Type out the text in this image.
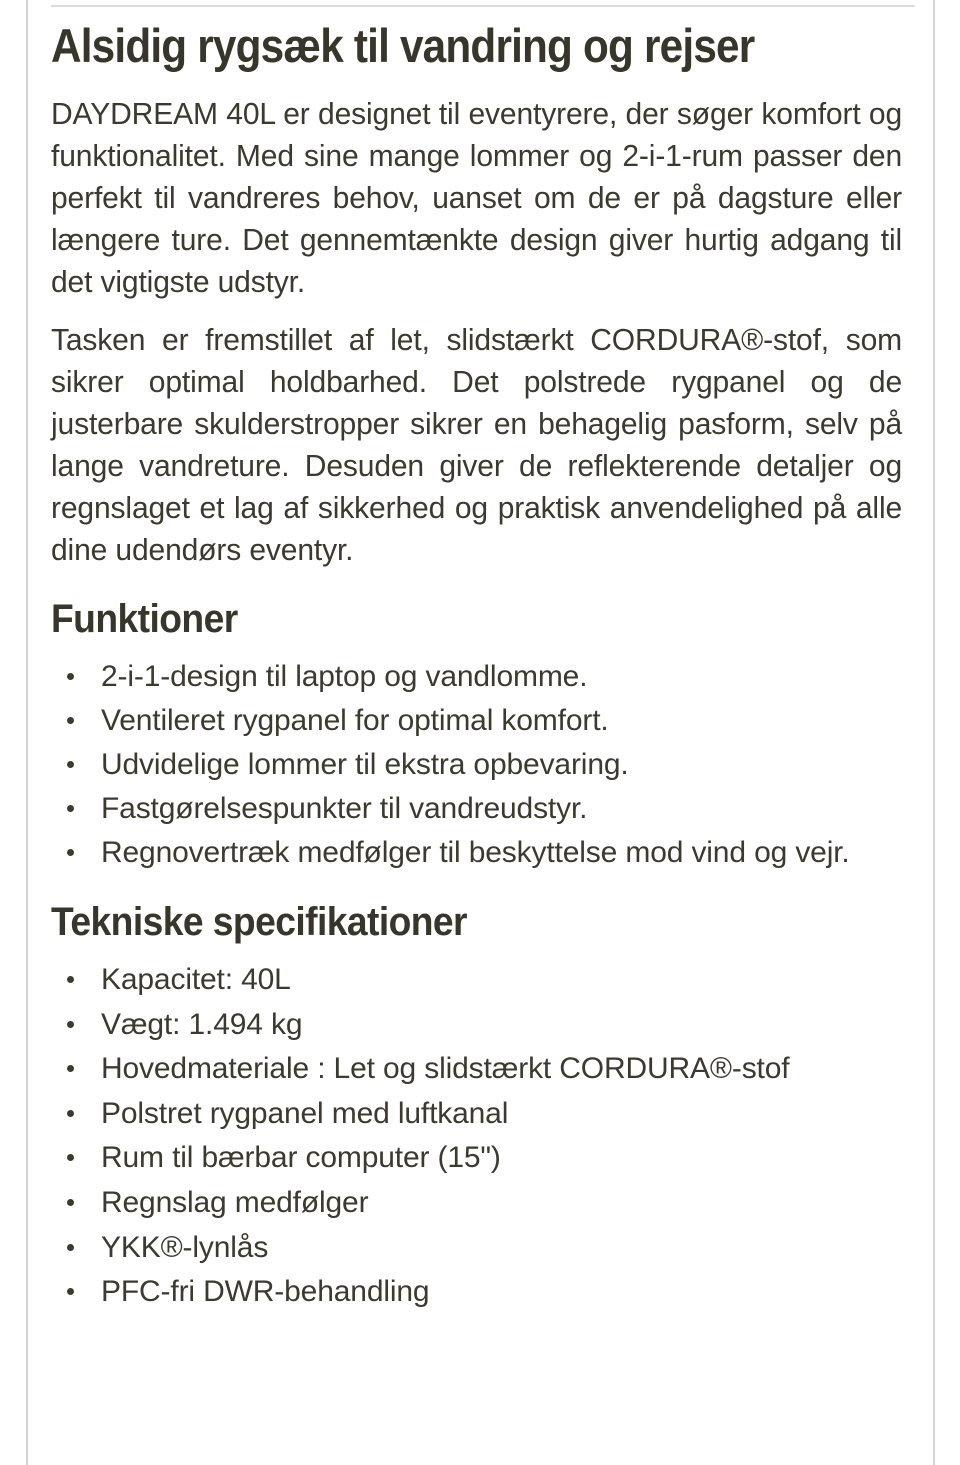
Alsidig rygsæk til vandring og rejser

DAYDREAM 40L er designet til eventyrere, der søger komfort og funktionalitet. Med sine mange lommer og 2-i-1-rum passer den perfekt til vandreres behov, uanset om de er på dagsture eller længere ture. Det gennemtænkte design giver hurtig adgang til det vigtigste udstyr.

Tasken er fremstillet af let, slidstærkt CORDURA®-stof, som sikrer optimal holdbarhed. Det polstrede rygpanel og de justerbare skulderstropper sikrer en behagelig pasform, selv på lange vandreture. Desuden giver de reflekterende detaljer og regnslaget et lag af sikkerhed og praktisk anvendelighed på alle dine udendørs eventyr.

Funktioner
2-i-1-design til laptop og vandlomme.
Ventileret rygpanel for optimal komfort.
Udvidelige lommer til ekstra opbevaring.
Fastgørelsespunkter til vandreudstyr.
Regnovertræk medfølger til beskyttelse mod vind og vejr.
Tekniske specifikationer
Kapacitet: 40L
Vægt: 1.494 kg
Hovedmateriale : Let og slidstærkt CORDURA®-stof
Polstret rygpanel med luftkanal
Rum til bærbar computer (15")
Regnslag medfølger
YKK®-lynlås
PFC-fri DWR-behandling
